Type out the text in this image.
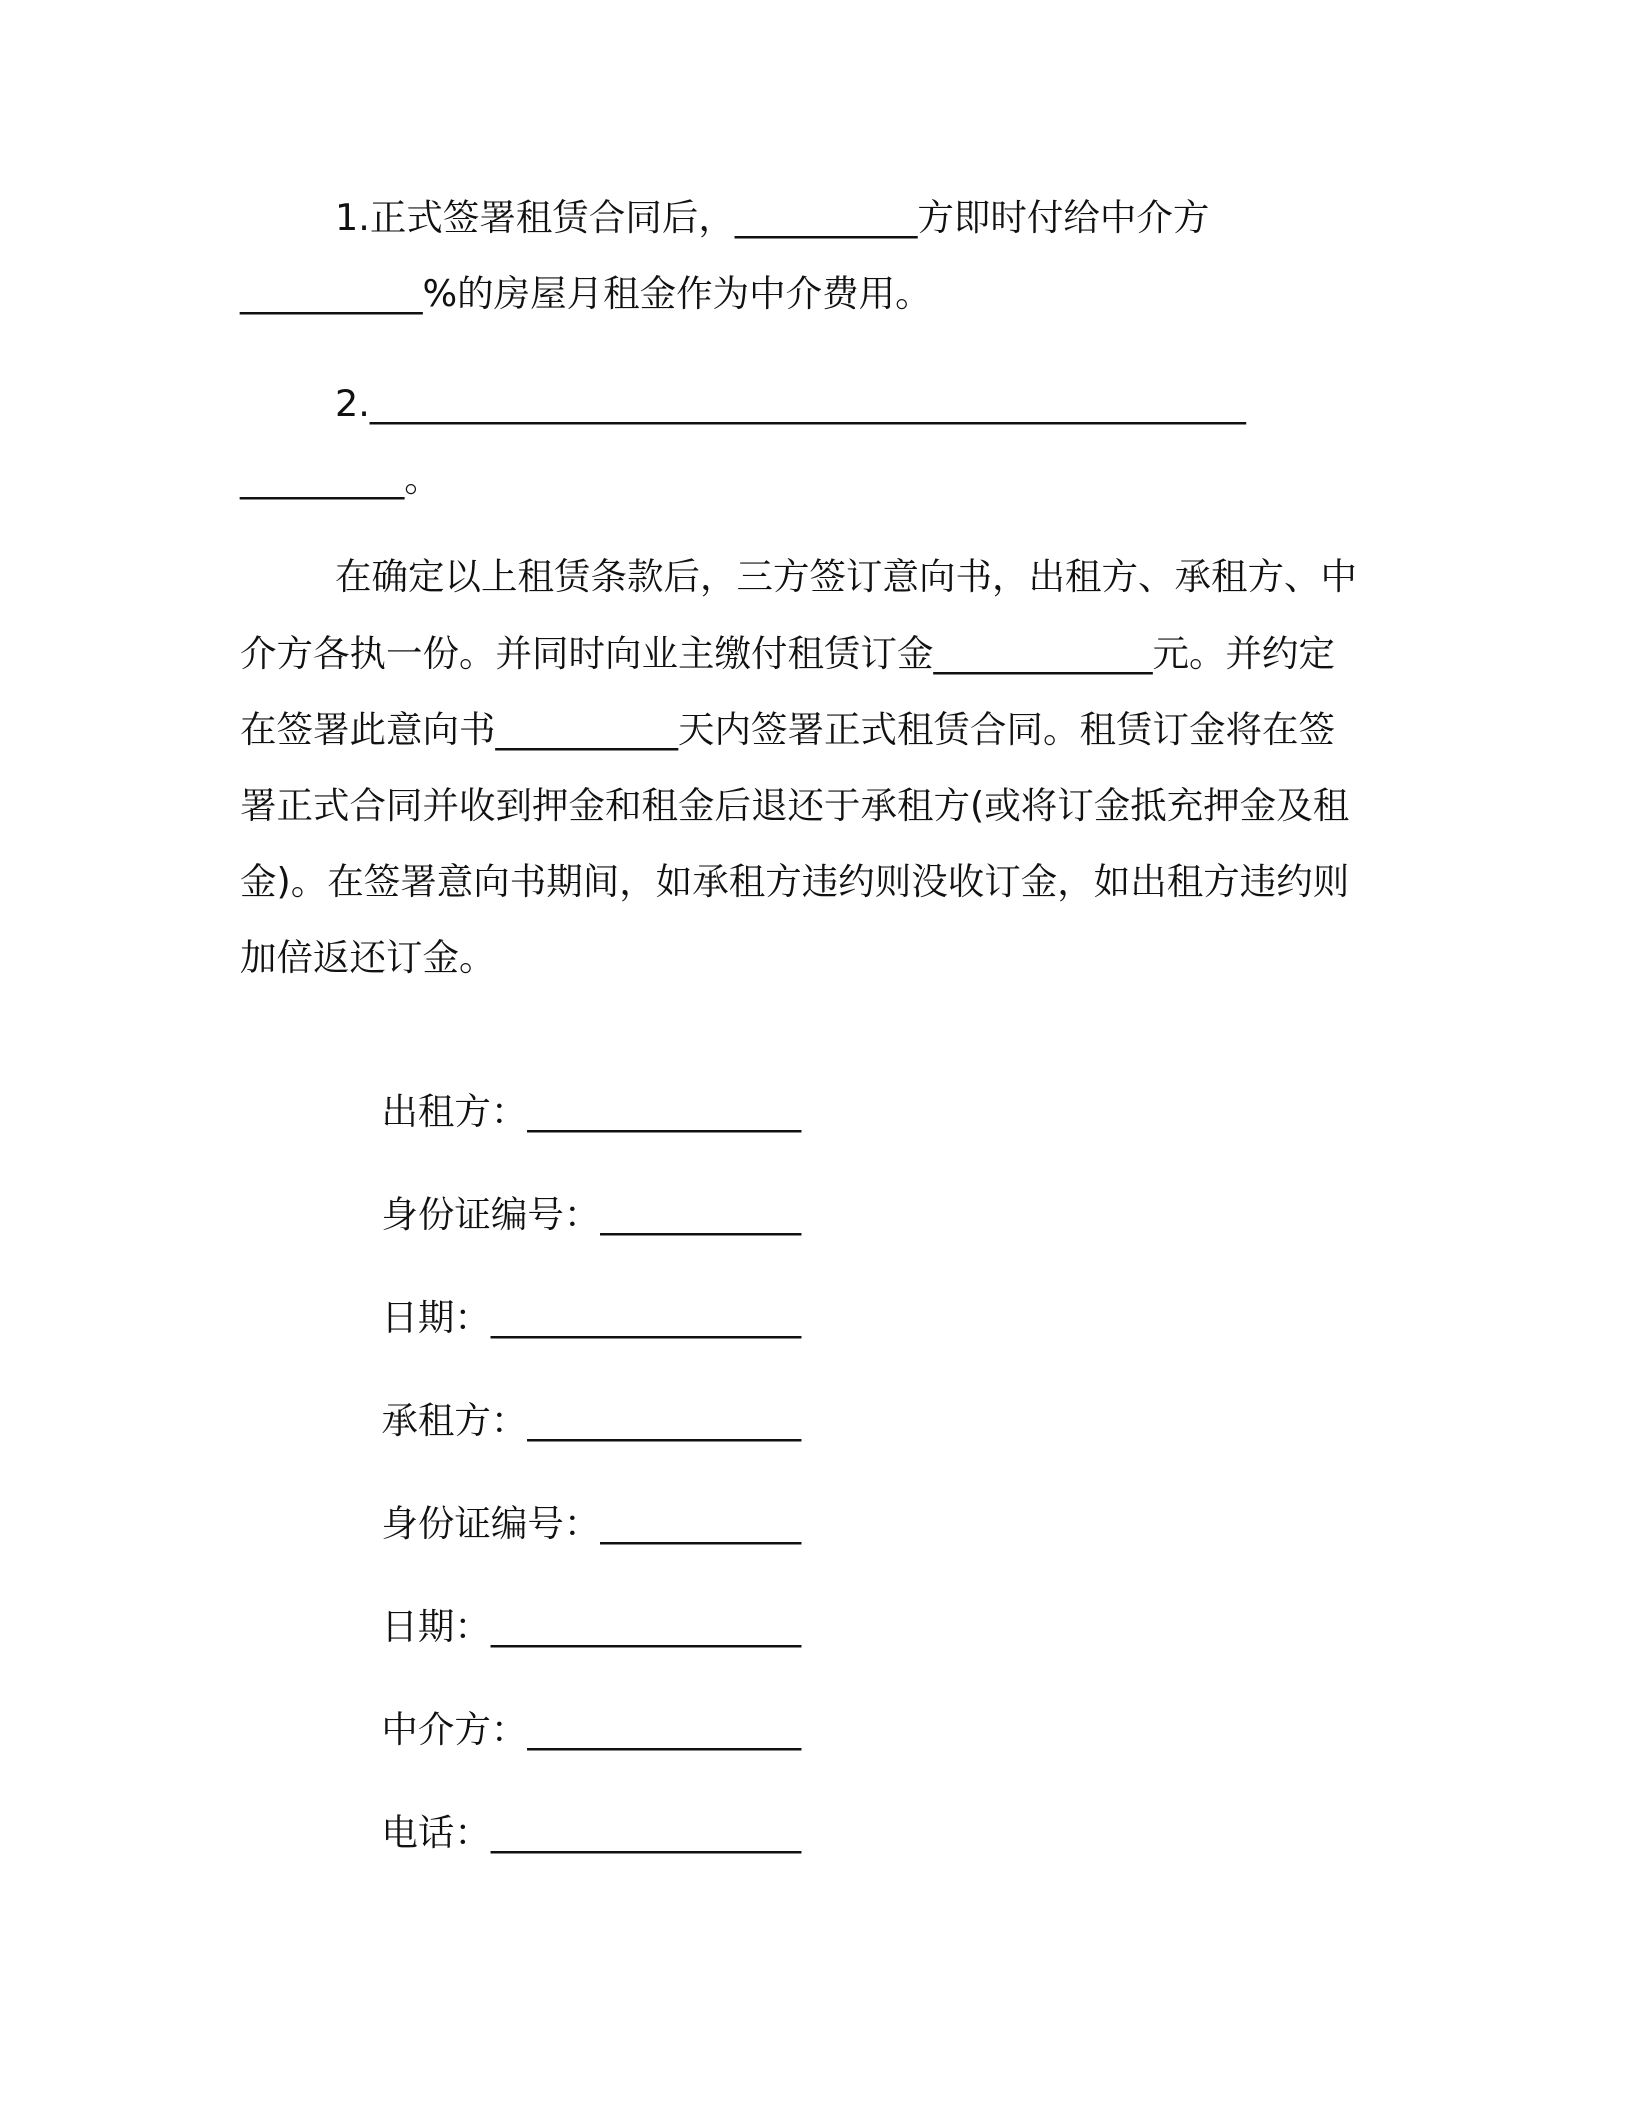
1.正式签署租赁合同后，__________方即时付给中介方
__________%的房屋月租金作为中介费用。
2.________________________________________________
_________。
在确定以上租赁条款后，三方签订意向书，出租方、承租方、中
介方各执一份。并同时向业主缴付租赁订金____________元。并约定
在签署此意向书__________天内签署正式租赁合同。租赁订金将在签
署正式合同并收到押金和租金后退还于承租方(或将订金抵充押金及租
金)。在签署意向书期间，如承租方违约则没收订金，如出租方违约则
加倍返还订金。

出租方：_______________

身份证编号：___________

日期：_________________

承租方：_______________

身份证编号：___________

日期：_________________

中介方：_______________

电话：_________________
